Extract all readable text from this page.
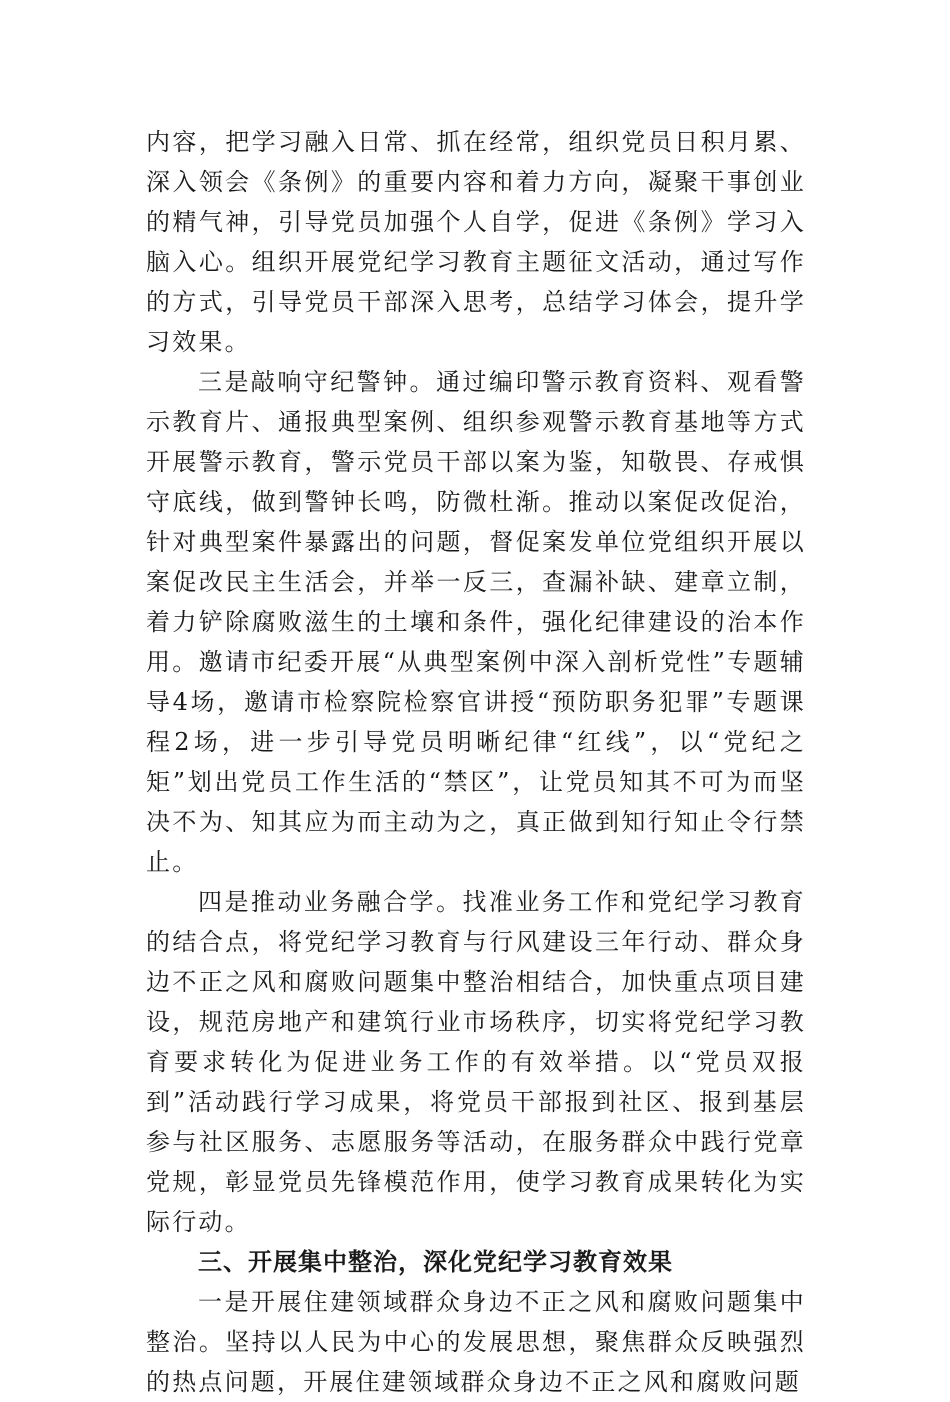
内容，把学习融入日常、抓在经常，组织党员日积月累、深入领会《条例》的重要内容和着力方向，凝聚干事创业的精气神，引导党员加强个人自学，促进《条例》学习入脑入心。组织开展党纪学习教育主题征文活动，通过写作的方式，引导党员干部深入思考，总结学习体会，提升学习效果。

三是敲响守纪警钟。通过编印警示教育资料、观看警示教育片、通报典型案例、组织参观警示教育基地等方式开展警示教育，警示党员干部以案为鉴，知敬畏、存戒惧守底线，做到警钟长鸣，防微杜渐。推动以案促改促治，针对典型案件暴露出的问题，督促案发单位党组织开展以案促改民主生活会，并举一反三，查漏补缺、建章立制，着力铲除腐败滋生的土壤和条件，强化纪律建设的治本作用。邀请市纪委开展“从典型案例中深入剖析党性”专题辅导4场，邀请市检察院检察官讲授“预防职务犯罪”专题课程2场，进一步引导党员明晰纪律“红线”，以“党纪之矩”划出党员工作生活的“禁区”，让党员知其不可为而坚决不为、知其应为而主动为之，真正做到知行知止令行禁止。

四是推动业务融合学。找准业务工作和党纪学习教育的结合点，将党纪学习教育与行风建设三年行动、群众身边不正之风和腐败问题集中整治相结合，加快重点项目建设，规范房地产和建筑行业市场秩序，切实将党纪学习教育要求转化为促进业务工作的有效举措。以“党员双报到”活动践行学习成果，将党员干部报到社区、报到基层参与社区服务、志愿服务等活动，在服务群众中践行党章党规，彰显党员先锋模范作用，使学习教育成果转化为实际行动。

三、开展集中整治，深化党纪学习教育效果

一是开展住建领域群众身边不正之风和腐败问题集中整治。坚持以人民为中心的发展思想，聚焦群众反映强烈的热点问题，开展住建领域群众身边不正之风和腐败问题
